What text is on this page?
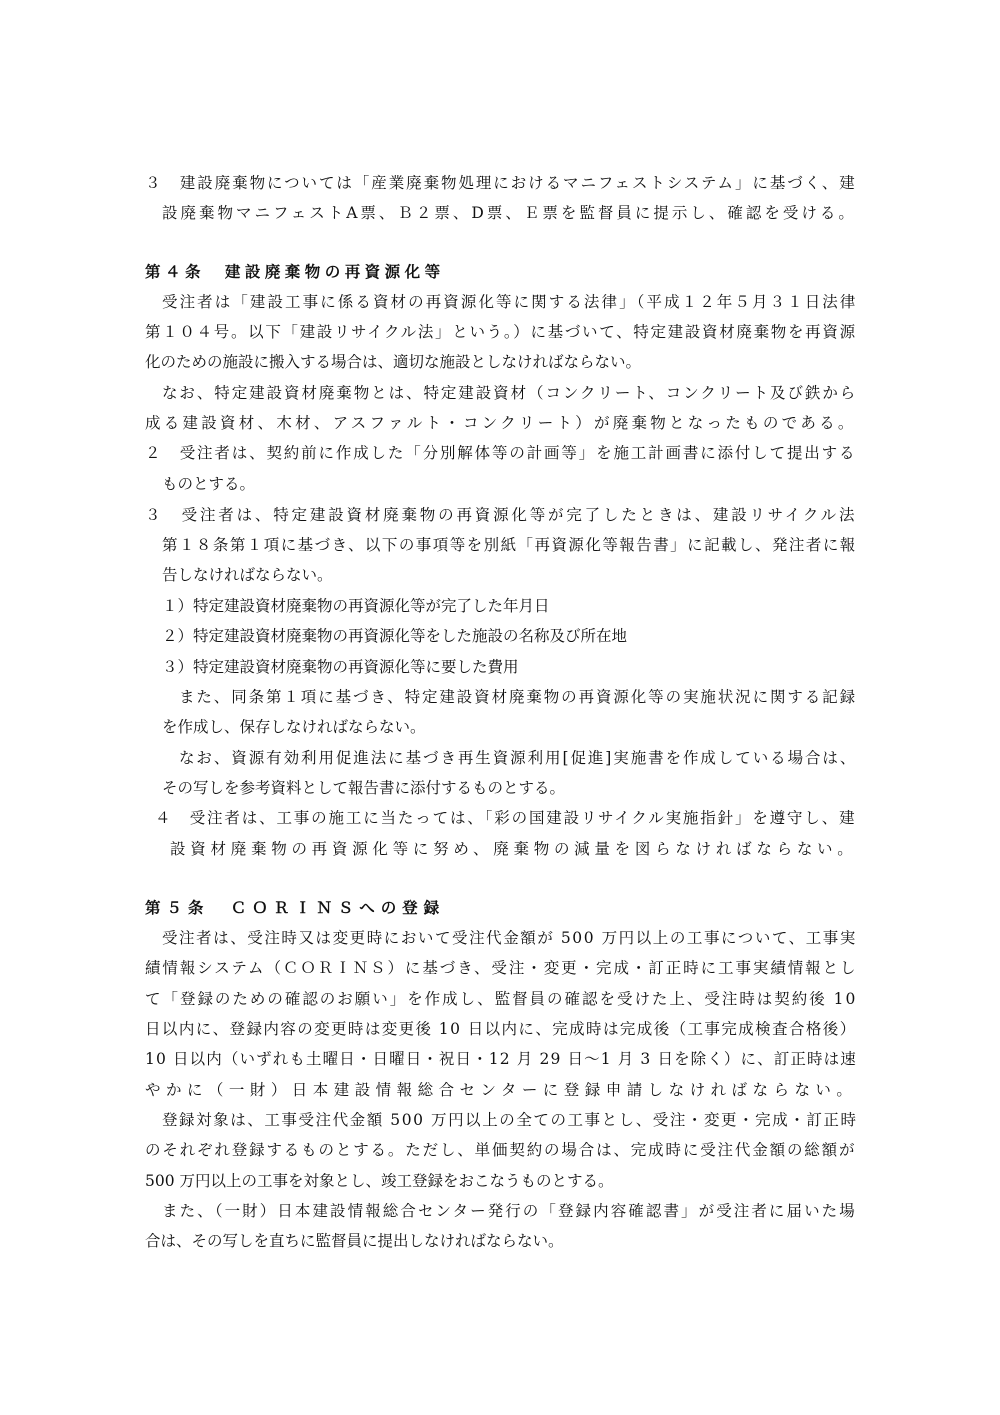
３　建設廃棄物については「産業廃棄物処理におけるマニフェストシステム」に基づく、建

設廃棄物マニフェストA票、Ｂ２票、D票、Ｅ票を監督員に提示し、確認を受ける。

第４条　建設廃棄物の再資源化等

受注者は「建設工事に係る資材の再資源化等に関する法律」（平成１２年５月３１日法律

第１０４号。以下「建設リサイクル法」という。）に基づいて、特定建設資材廃棄物を再資源

化のための施設に搬入する場合は、適切な施設としなければならない。

なお、特定建設資材廃棄物とは、特定建設資材（コンクリート、コンクリート及び鉄から

成る建設資材、木材、アスファルト・コンクリート）が廃棄物となったものである。

２　受注者は、契約前に作成した「分別解体等の計画等」を施工計画書に添付して提出する

ものとする。

３　受注者は、特定建設資材廃棄物の再資源化等が完了したときは、建設リサイクル法

第１８条第１項に基づき、以下の事項等を別紙「再資源化等報告書」に記載し、発注者に報

告しなければならない。

１）特定建設資材廃棄物の再資源化等が完了した年月日

２）特定建設資材廃棄物の再資源化等をした施設の名称及び所在地

３）特定建設資材廃棄物の再資源化等に要した費用

また、同条第１項に基づき、特定建設資材廃棄物の再資源化等の実施状況に関する記録

を作成し、保存しなければならない。

なお、資源有効利用促進法に基づき再生資源利用[促進]実施書を作成している場合は、

その写しを参考資料として報告書に添付するものとする。

４　受注者は、工事の施工に当たっては、「彩の国建設リサイクル実施指針」を遵守し、建

設資材廃棄物の再資源化等に努め、廃棄物の減量を図らなければならない。

第５条　ＣＯＲＩＮＳへの登録

受注者は、受注時又は変更時において受注代金額が 500 万円以上の工事について、工事実

績情報システム（ＣＯＲＩＮＳ）に基づき、受注・変更・完成・訂正時に工事実績情報とし

て「登録のための確認のお願い」を作成し、監督員の確認を受けた上、受注時は契約後 10

日以内に、登録内容の変更時は変更後 10 日以内に、完成時は完成後（工事完成検査合格後）

10 日以内（いずれも土曜日・日曜日・祝日・12 月 29 日～1 月 3 日を除く）に、訂正時は速

やかに（一財）日本建設情報総合センターに登録申請しなければならない。

登録対象は、工事受注代金額 500 万円以上の全ての工事とし、受注・変更・完成・訂正時

のそれぞれ登録するものとする。ただし、単価契約の場合は、完成時に受注代金額の総額が

500 万円以上の工事を対象とし、竣工登録をおこなうものとする。

また、（一財）日本建設情報総合センター発行の「登録内容確認書」が受注者に届いた場

合は、その写しを直ちに監督員に提出しなければならない。
